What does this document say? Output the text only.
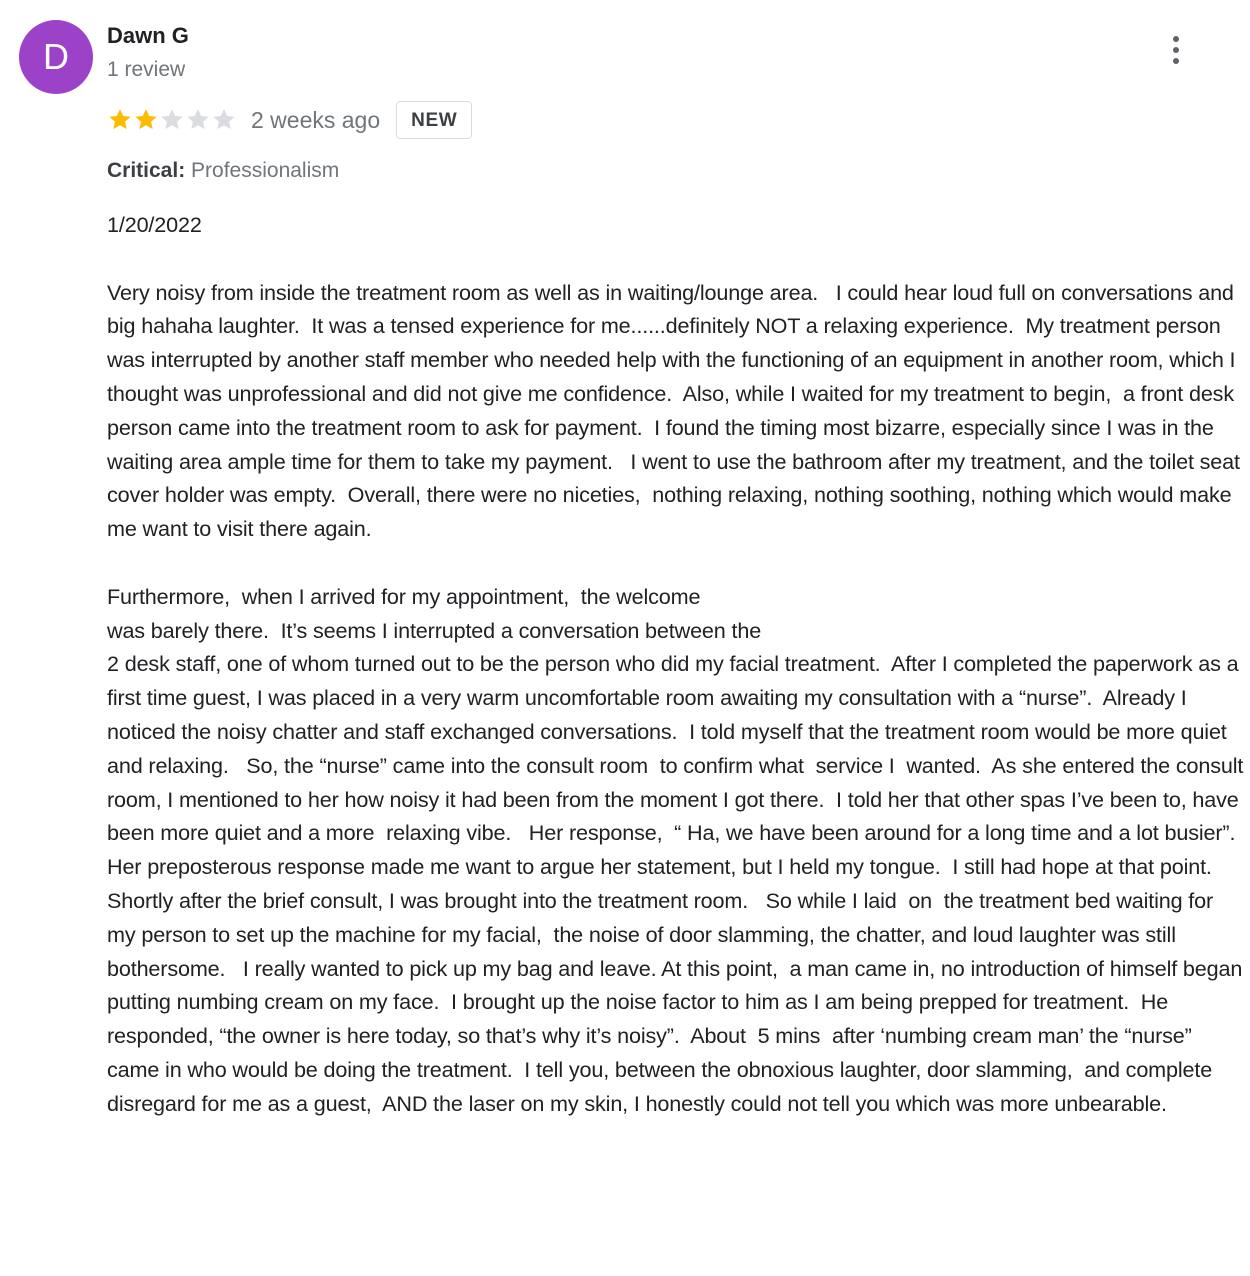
D
Dawn G
1 review
2 weeks ago	NEW
Critical: Professionalism
1/20/2022

Very noisy from inside the treatment room as well as in waiting/lounge area.   I could hear loud full on conversations and big hahaha laughter.  It was a tensed experience for me......definitely NOT a relaxing experience.  My treatment person was interrupted by another staff member who needed help with the functioning of an equipment in another room, which I thought was unprofessional and did not give me confidence.  Also, while I waited for my treatment to begin,  a front desk person came into the treatment room to ask for payment.  I found the timing most bizarre, especially since I was in the waiting area ample time for them to take my payment.   I went to use the bathroom after my treatment, and the toilet seat cover holder was empty.  Overall, there were no niceties,  nothing relaxing, nothing soothing, nothing which would make me want to visit there again.

Furthermore,  when I arrived for my appointment,  the welcome
was barely there.  It’s seems I interrupted a conversation between the
2 desk staff, one of whom turned out to be the person who did my facial treatment.  After I completed the paperwork as a first time guest, I was placed in a very warm uncomfortable room awaiting my consultation with a “nurse”.  Already I noticed the noisy chatter and staff exchanged conversations.  I told myself that the treatment room would be more quiet and relaxing.   So, the “nurse” came into the consult room  to confirm what  service I  wanted.  As she entered the consult room, I mentioned to her how noisy it had been from the moment I got there.  I told her that other spas I’ve been to, have been more quiet and a more  relaxing vibe.   Her response,  “ Ha, we have been around for a long time and a lot busier”.  Her preposterous response made me want to argue her statement, but I held my tongue.  I still had hope at that point.  Shortly after the brief consult, I was brought into the treatment room.   So while I laid  on  the treatment bed waiting for my person to set up the machine for my facial,  the noise of door slamming, the chatter, and loud laughter was still bothersome.   I really wanted to pick up my bag and leave. At this point,  a man came in, no introduction of himself began putting numbing cream on my face.  I brought up the noise factor to him as I am being prepped for treatment.  He responded, “the owner is here today, so that’s why it’s noisy”.  About  5 mins  after ‘numbing cream man’ the “nurse” came in who would be doing the treatment.  I tell you, between the obnoxious laughter, door slamming,  and complete disregard for me as a guest,  AND the laser on my skin, I honestly could not tell you which was more unbearable.
